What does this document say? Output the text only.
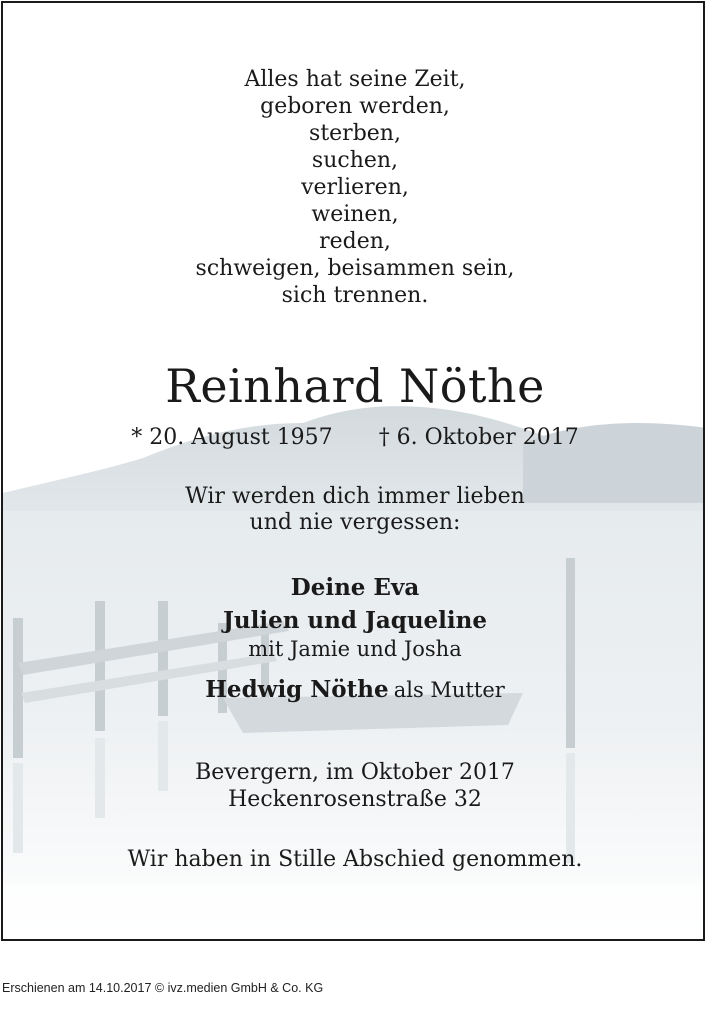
Alles hat seine Zeit,
geboren werden,
sterben,
suchen,
verlieren,
weinen,
reden,
schweigen, beisammen sein,
sich trennen.
Reinhard Nöthe
* 20. August 1957 † 6. Oktober 2017
Wir werden dich immer lieben
und nie vergessen:
Deine Eva
Julien und Jaqueline
mit Jamie und Josha
Hedwig Nöthe als Mutter
Bevergern, im Oktober 2017
Heckenrosenstraße 32
Wir haben in Stille Abschied genommen.
Erschienen am 14.10.2017 © ivz.medien GmbH & Co. KG
